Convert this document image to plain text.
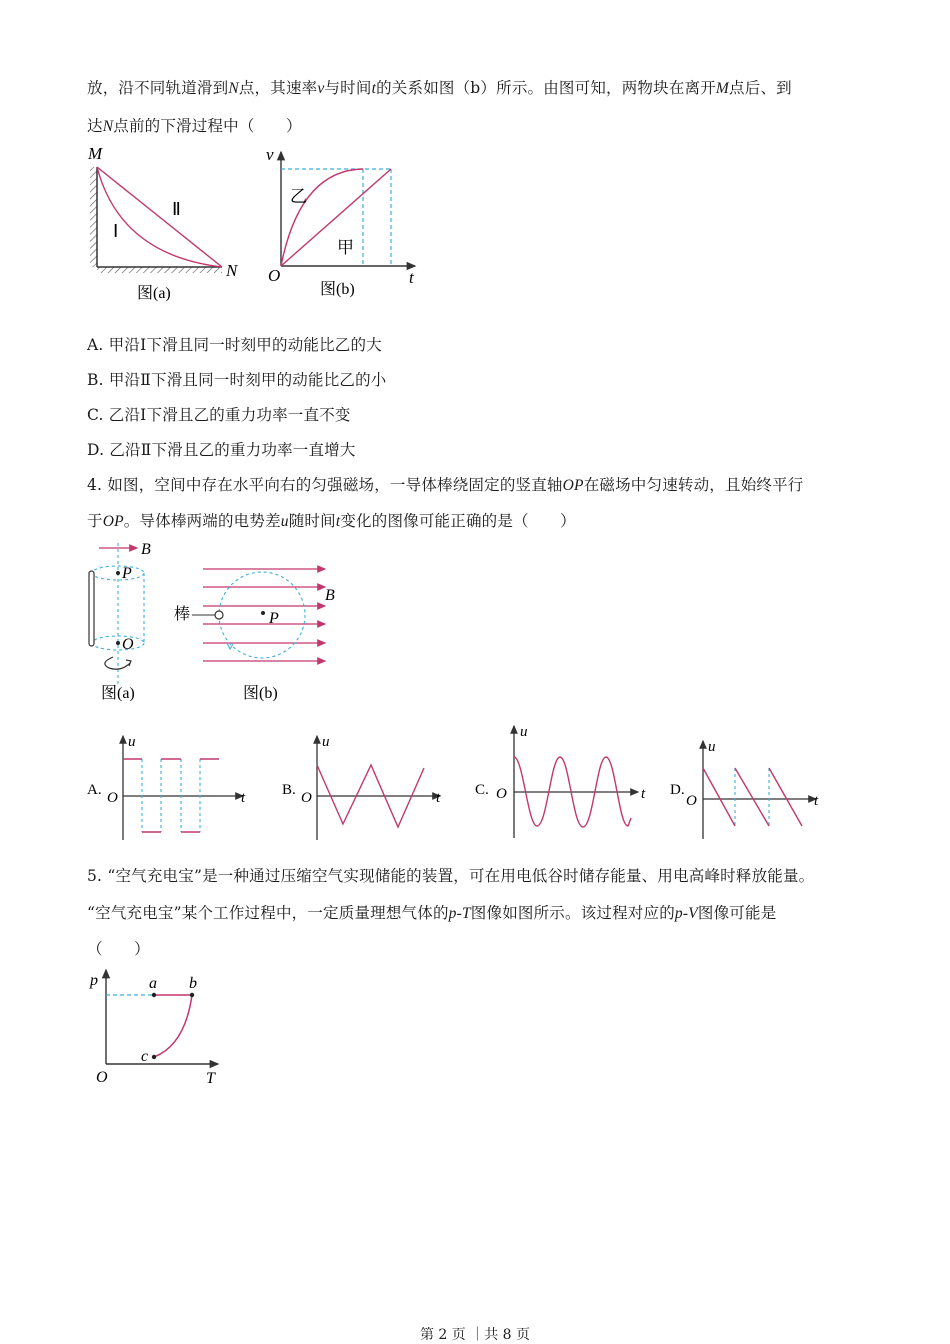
放，沿不同轨道滑到N点，其速率v与时间t的关系如图（b）所示。由图可知，两物块在离开M点后、到
达N点前的下滑过程中（　　）
M
N
Ⅱ
Ⅰ
图(a)
v
t
O
乙
甲
图(b)
A. 甲沿Ⅰ下滑且同一时刻甲的动能比乙的大
B. 甲沿Ⅱ下滑且同一时刻甲的动能比乙的小
C. 乙沿Ⅰ下滑且乙的重力功率一直不变
D. 乙沿Ⅱ下滑且乙的重力功率一直增大
4. 如图，空间中存在水平向右的匀强磁场，一导体棒绕固定的竖直轴OP在磁场中匀速转动，且始终平行
于OP。导体棒两端的电势差u随时间t变化的图像可能正确的是（　　）
B
P
O
图(a)
棒	P
B
图(b)
A.
u
t
O	B.
u
t
O	C.
u
t
O	D.
u
t
O
5. “空气充电宝”是一种通过压缩空气实现储能的装置，可在用电低谷时储存能量、用电高峰时释放能量。
“空气充电宝”某个工作过程中，一定质量理想气体的p-T图像如图所示。该过程对应的p-V图像可能是
（　　）
p	a b
c
O	T
第 2 页 ｜共 8 页
